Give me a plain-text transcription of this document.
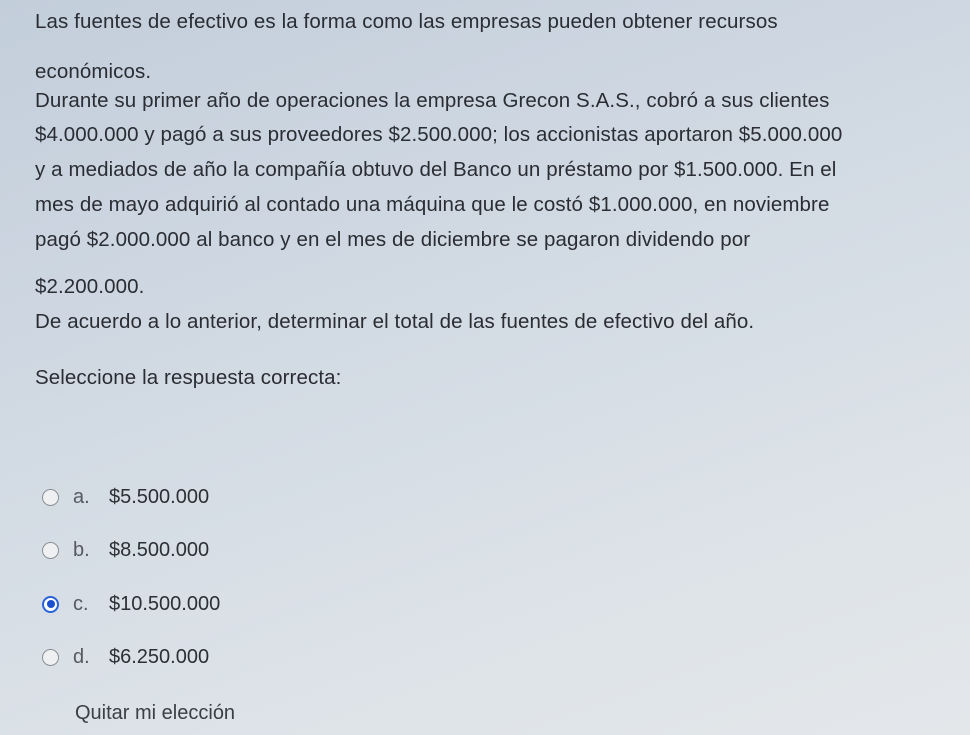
Las fuentes de efectivo es la forma como las empresas pueden obtener recursos
económicos.
Durante su primer año de operaciones la empresa Grecon S.A.S., cobró a sus clientes
$4.000.000 y pagó a sus proveedores $2.500.000; los accionistas aportaron $5.000.000
y a mediados de año la compañía obtuvo del Banco un préstamo por $1.500.000. En el
mes de mayo adquirió al contado una máquina que le costó $1.000.000, en noviembre
pagó $2.000.000 al banco y en el mes de diciembre se pagaron dividendo por
$2.200.000.
De acuerdo a lo anterior, determinar el total de las fuentes de efectivo del año.
Seleccione la respuesta correcta:
a. $5.500.000
b. $8.500.000
c.	$10.500.000
d. $6.250.000
Quitar mi elección
